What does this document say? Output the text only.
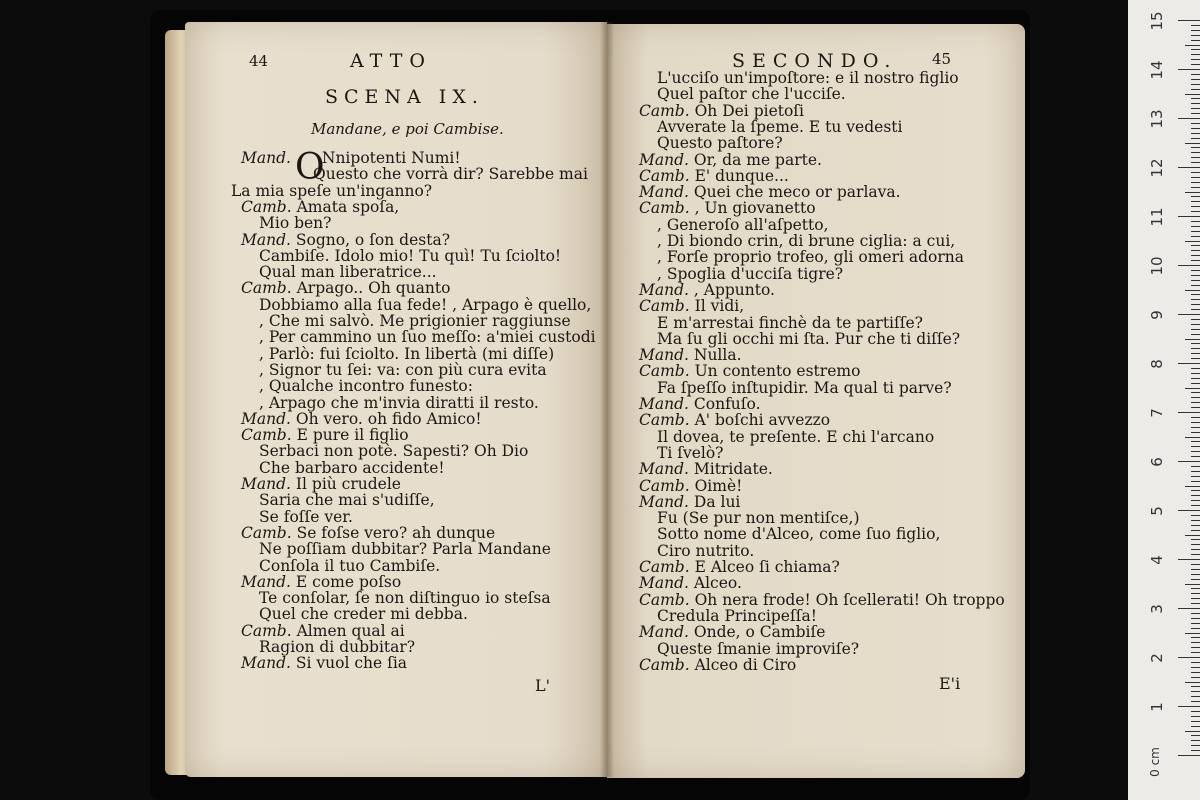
44	ATTO
SCENA IX.
Mandane, e poi Cambise.
O
Mand. Nnipotenti Numi!
Questo che vorrà dir? Sarebbe mai
La mia speſe un'inganno?
Camb. Amata spoſa,
Mio ben?
Mand. Sogno, o ſon desta?
Cambiſe. Idolo mio! Tu quì! Tu ſciolto!
Qual man liberatrice...
Camb. Arpago.. Oh quanto
Dobbiamo alla ſua fede! , Arpago è quello,
, Che mi salvò. Me prigionier raggiunse
, Per cammino un ſuo meſſo: a'miei custodi
, Parlò: fui ſciolto. In libertà (mi diſſe)
, Signor tu ſei: va: con più cura evita
, Qualche incontro funesto:
, Arpago che m'invia diratti il resto.
Mand. Oh vero. oh fido Amico!
Camb. E pure il figlio
Serbaci non potè. Sapesti? Oh Dio
Che barbaro accidente!
Mand. Il più crudele
Saria che mai s'udiſſe,
Se foſſe ver.
Camb. Se foſse vero? ah dunque
Ne poſſiam dubbitar? Parla Mandane
Conſola il tuo Cambiſe.
Mand. E come poſso
Te conſolar, ſe non diſtinguo io steſsa
Quel che creder mi debba.
Camb. Almen qual ai
Ragion di dubbitar?
Mand. Si vuol che ſia
L'
SECONDO. 45
L'ucciſo un'impoſtore: e il nostro figlio
Quel paſtor che l'ucciſe.
Camb. Oh Dei pietoſi
Avverate la ſpeme. E tu vedesti
Questo paſtore?
Mand. Or, da me parte.
Camb. E' dunque...
Mand. Quei che meco or parlava.
Camb. , Un giovanetto
, Generoſo all'aſpetto,
, Di biondo crin, di brune ciglia: a cui,
, Forſe proprio trofeo, gli omeri adorna
, Spoglia d'ucciſa tigre?
Mand. , Appunto.
Camb. Il vidi,
E m'arrestai finchè da te partiſſe?
Ma ſu gli occhi mi ſta. Pur che ti diſſe?
Mand. Nulla.
Camb. Un contento estremo
Fa ſpeſſo inſtupidir. Ma qual ti parve?
Mand. Confuſo.
Camb. A' boſchi avvezzo
Il dovea, te preſente. E chi l'arcano
Ti ſvelò?
Mand. Mitridate.
Camb. Oimè!
Mand. Da lui
Fu (Se pur non mentiſce,)
Sotto nome d'Alceo, come ſuo figlio,
Ciro nutrito.
Camb. E Alceo ſi chiama?
Mand. Alceo.
Camb. Oh nera frode! Oh ſcellerati! Oh troppo
Credula Principeſſa!
Mand. Onde, o Cambiſe
Queste ſmanie improviſe?
Camb. Alceo di Ciro
E'i
15
14
13
12
11
10
9
8
7
6
5
4
3
2
1
0 cm
